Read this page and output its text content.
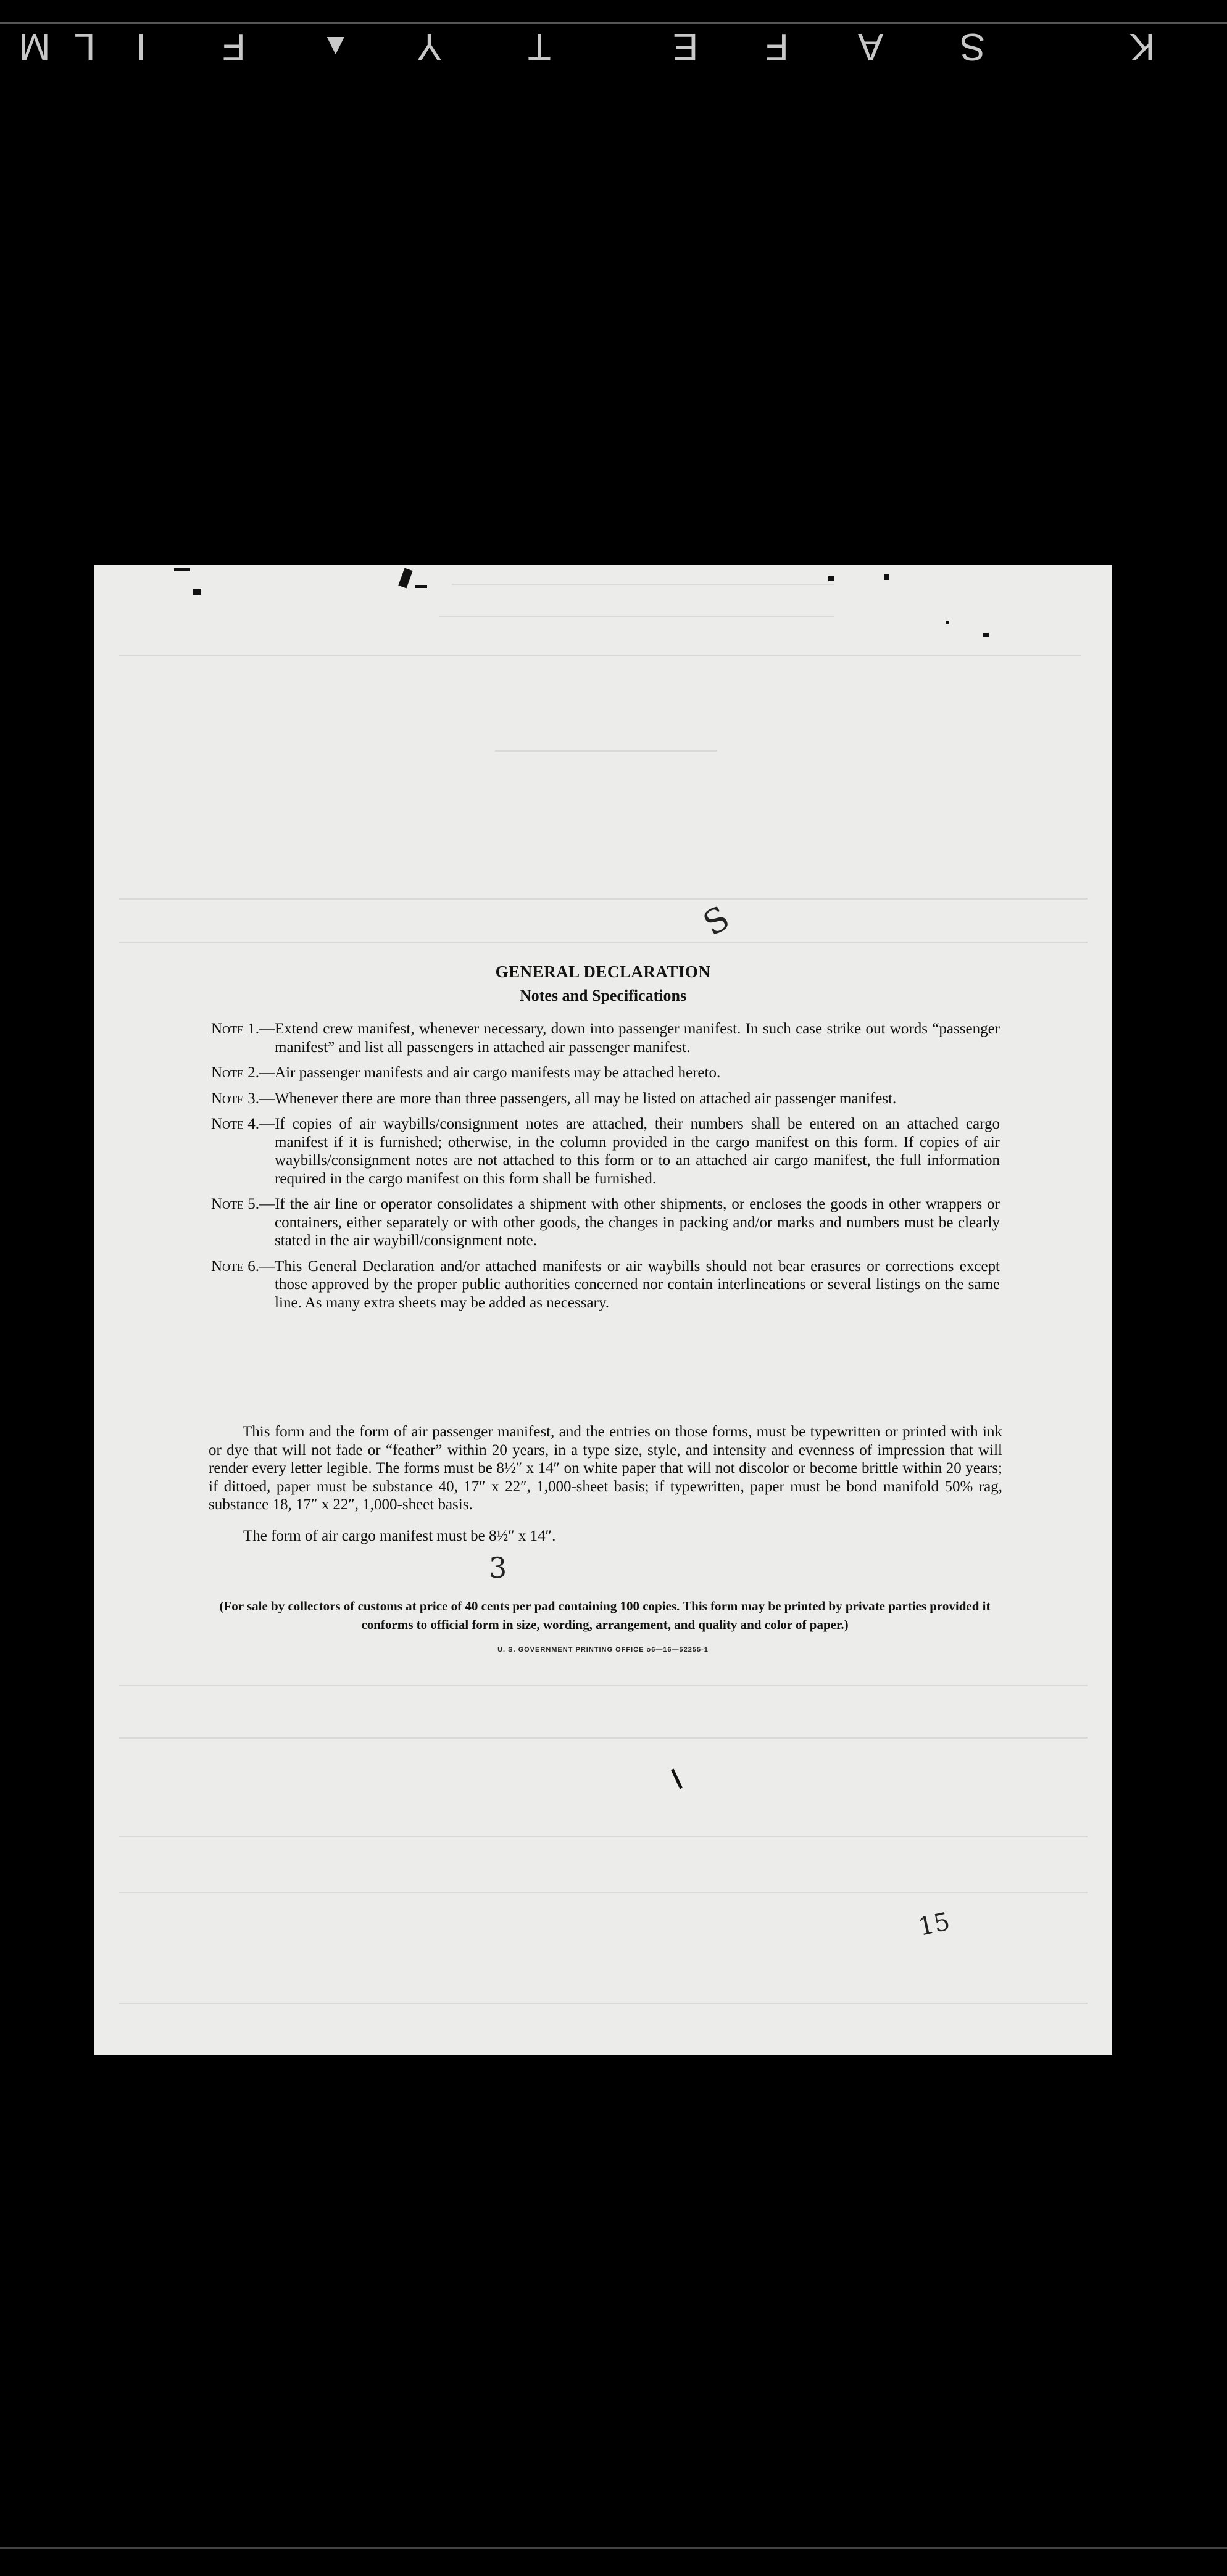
K
S
A
F
E
T
Y
▲
F
I
L
M
S
3
15
GENERAL DECLARATION
Notes and Specifications
Note 1.— Extend crew manifest, whenever necessary, down into passenger manifest. In such case strike out words “passenger manifest” and list all passengers in attached air passenger manifest.
Note 2.— Air passenger manifests and air cargo manifests may be attached hereto.
Note 3.— Whenever there are more than three passengers, all may be listed on attached air passenger manifest.
Note 4.— If copies of air waybills/consignment notes are attached, their numbers shall be entered on an attached cargo manifest if it is furnished; otherwise, in the column provided in the cargo manifest on this form. If copies of air waybills/consignment notes are not attached to this form or to an attached air cargo manifest, the full information required in the cargo manifest on this form shall be furnished.
Note 5.— If the air line or operator consolidates a shipment with other shipments, or encloses the goods in other wrappers or containers, either separately or with other goods, the changes in packing and/or marks and numbers must be clearly stated in the air waybill/consignment note.
Note 6.— This General Declaration and/or attached manifests or air waybills should not bear erasures or corrections except those approved by the proper public authorities concerned nor contain interlineations or several listings on the same line. As many extra sheets may be added as necessary.
This form and the form of air passenger manifest, and the entries on those forms, must be typewritten or printed with ink or dye that will not fade or “feather” within 20 years, in a type size, style, and intensity and evenness of impression that will render every letter legible. The forms must be 8½″ x 14″ on white paper that will not discolor or become brittle within 20 years; if dittoed, paper must be substance 40, 17″ x 22″, 1,000-sheet basis; if typewritten, paper must be bond manifold 50% rag, substance 18, 17″ x 22″, 1,000-sheet basis.
The form of air cargo manifest must be 8½″ x 14″.
(For sale by collectors of customs at price of 40 cents per pad containing 100 copies. This form may be printed by private parties provided it conforms to official form in size, wording, arrangement, and quality and color of paper.)
U. S. GOVERNMENT PRINTING OFFICE o6—16—52255-1
